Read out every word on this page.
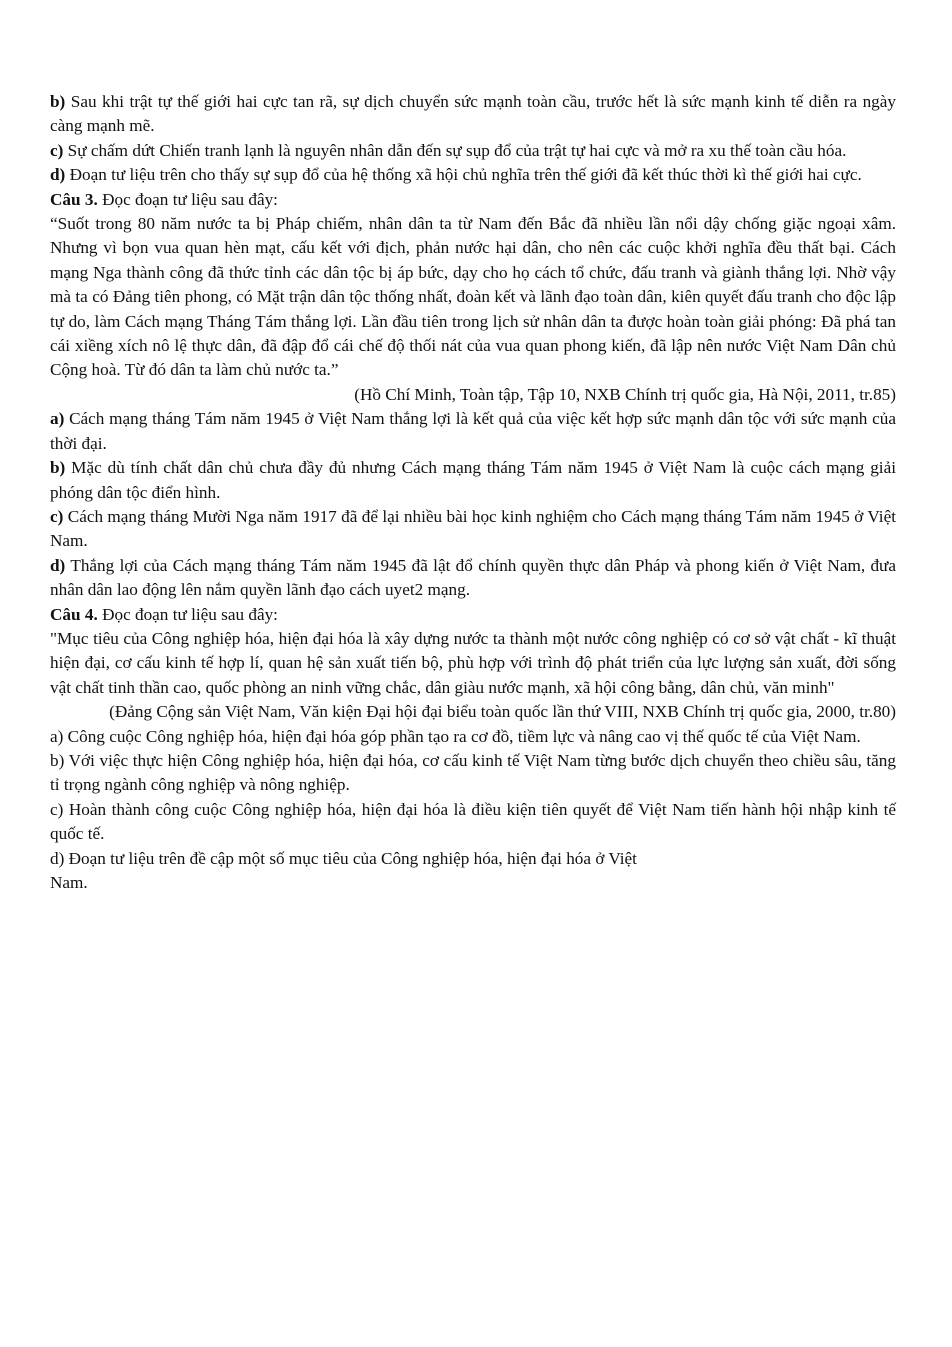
b) Sau khi trật tự thế giới hai cực tan rã, sự dịch chuyển sức mạnh toàn cầu, trước hết là sức mạnh kinh tế diễn ra ngày càng mạnh mẽ.

c) Sự chấm dứt Chiến tranh lạnh là nguyên nhân dẫn đến sự sụp đổ của trật tự hai cực và mở ra xu thế toàn cầu hóa.

d) Đoạn tư liệu trên cho thấy sự sụp đổ của hệ thống xã hội chủ nghĩa trên thế giới đã kết thúc thời kì thế giới hai cực.

Câu 3. Đọc đoạn tư liệu sau đây:

“Suốt trong 80 năm nước ta bị Pháp chiếm, nhân dân ta từ Nam đến Bắc đã nhiều lần nổi dậy chống giặc ngoại xâm. Nhưng vì bọn vua quan hèn mạt, cấu kết với địch, phản nước hại dân, cho nên các cuộc khởi nghĩa đều thất bại. Cách mạng Nga thành công đã thức tỉnh các dân tộc bị áp bức, dạy cho họ cách tổ chức, đấu tranh và giành thắng lợi. Nhờ vậy mà ta có Đảng tiên phong, có Mặt trận dân tộc thống nhất, đoàn kết và lãnh đạo toàn dân, kiên quyết đấu tranh cho độc lập tự do, làm Cách mạng Tháng Tám thắng lợi. Lần đầu tiên trong lịch sử nhân dân ta được hoàn toàn giải phóng: Đã phá tan cái xiềng xích nô lệ thực dân, đã đập đổ cái chế độ thối nát của vua quan phong kiến, đã lập nên nước Việt Nam Dân chủ Cộng hoà. Từ đó dân ta làm chủ nước ta.”

(Hồ Chí Minh, Toàn tập, Tập 10, NXB Chính trị quốc gia, Hà Nội, 2011, tr.85)

a) Cách mạng tháng Tám năm 1945 ở Việt Nam thắng lợi là kết quả của việc kết hợp sức mạnh dân tộc với sức mạnh của thời đại.

b) Mặc dù tính chất dân chủ chưa đầy đủ nhưng Cách mạng tháng Tám năm 1945 ở Việt Nam là cuộc cách mạng giải phóng dân tộc điển hình.

c) Cách mạng tháng Mười Nga năm 1917 đã để lại nhiều bài học kinh nghiệm cho Cách mạng tháng Tám năm 1945 ở Việt Nam.

d) Thắng lợi của Cách mạng tháng Tám năm 1945 đã lật đổ chính quyền thực dân Pháp và phong kiến ở Việt Nam, đưa nhân dân lao động lên nắm quyền lãnh đạo cách uyet2 mạng.

Câu 4. Đọc đoạn tư liệu sau đây:

"Mục tiêu của Công nghiệp hóa, hiện đại hóa là xây dựng nước ta thành một nước công nghiệp có cơ sở vật chất - kĩ thuật hiện đại, cơ cấu kinh tế hợp lí, quan hệ sản xuất tiến bộ, phù hợp với trình độ phát triển của lực lượng sản xuất, đời sống vật chất tinh thần cao, quốc phòng an ninh vững chắc, dân giàu nước mạnh, xã hội công bằng, dân chủ, văn minh"

(Đảng Cộng sản Việt Nam, Văn kiện Đại hội đại biểu toàn quốc lần thứ VIII, NXB Chính trị quốc gia, 2000, tr.80)

a) Công cuộc Công nghiệp hóa, hiện đại hóa góp phần tạo ra cơ đồ, tiềm lực và nâng cao vị thế quốc tế của Việt Nam.

b) Với việc thực hiện Công nghiệp hóa, hiện đại hóa, cơ cấu kinh tế Việt Nam từng bước dịch chuyển theo chiều sâu, tăng tỉ trọng ngành công nghiệp và nông nghiệp.

c) Hoàn thành công cuộc Công nghiệp hóa, hiện đại hóa là điều kiện tiên quyết để Việt Nam tiến hành hội nhập kinh tế quốc tế.

d) Đoạn tư liệu trên đề cập một số mục tiêu của Công nghiệp hóa, hiện đại hóa ở Việt

Nam.
